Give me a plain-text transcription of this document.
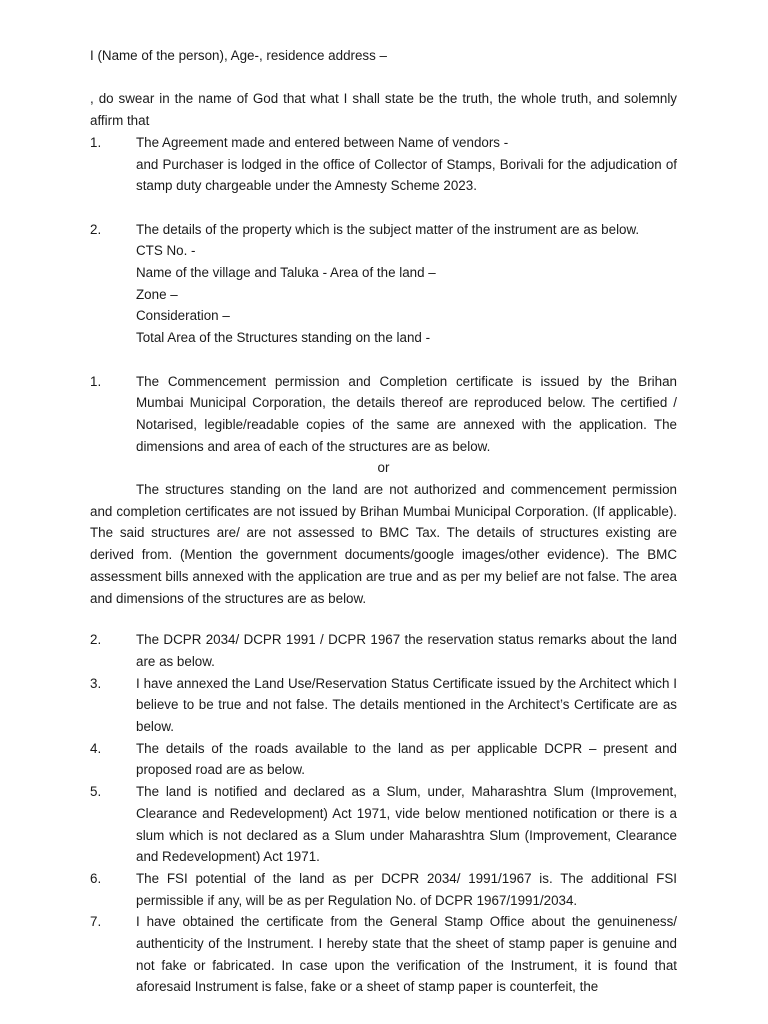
I (Name of the person), Age-, residence address –

, do swear in the name of God that what I shall state be the truth, the whole truth, and solemnly affirm that

1.	The Agreement made and entered between Name of vendors -

and Purchaser is lodged in the office of Collector of Stamps, Borivali for the adjudication of stamp duty chargeable under the Amnesty Scheme 2023.

2.	The details of the property which is the subject matter of the instrument are as below.

CTS No. -

Name of the village and Taluka - Area of the land –

Zone –

Consideration –

Total Area of the Structures standing on the land -

1.	The Commencement permission and Completion certificate is issued by the Brihan Mumbai Municipal Corporation, the details thereof are reproduced below. The certified / Notarised, legible/readable copies of the same are annexed with the application. The dimensions and area of each of the structures are as below.

or

The structures standing on the land are not authorized and commencement permission and completion certificates are not issued by Brihan Mumbai Municipal Corporation. (If applicable). The said structures are/ are not assessed to BMC Tax. The details of structures existing are derived from. (Mention the government documents/google images/other evidence). The BMC assessment bills annexed with the application are true and as per my belief are not false. The area and dimensions of the structures are as below.

2.	The DCPR 2034/ DCPR 1991 / DCPR 1967 the reservation status remarks about the land are as below.

3.	I have annexed the Land Use/Reservation Status Certificate issued by the Architect which I believe to be true and not false. The details mentioned in the Architect’s Certificate are as below.

4.	The details of the roads available to the land as per applicable DCPR – present and proposed road are as below.

5.	The land is notified and declared as a Slum, under, Maharashtra Slum (Improvement, Clearance and Redevelopment) Act 1971, vide below mentioned notification or there is a slum which is not declared as a Slum under Maharashtra Slum (Improvement, Clearance and Redevelopment) Act 1971.

6.	The FSI potential of the land as per DCPR 2034/ 1991/1967 is. The additional FSI permissible if any, will be as per Regulation No. of DCPR 1967/1991/2034.

7.	I have obtained the certificate from the General Stamp Office about the genuineness/ authenticity of the Instrument. I hereby state that the sheet of stamp paper is genuine and not fake or fabricated. In case upon the verification of the Instrument, it is found that aforesaid Instrument is false, fake or a sheet of stamp paper is counterfeit, the
